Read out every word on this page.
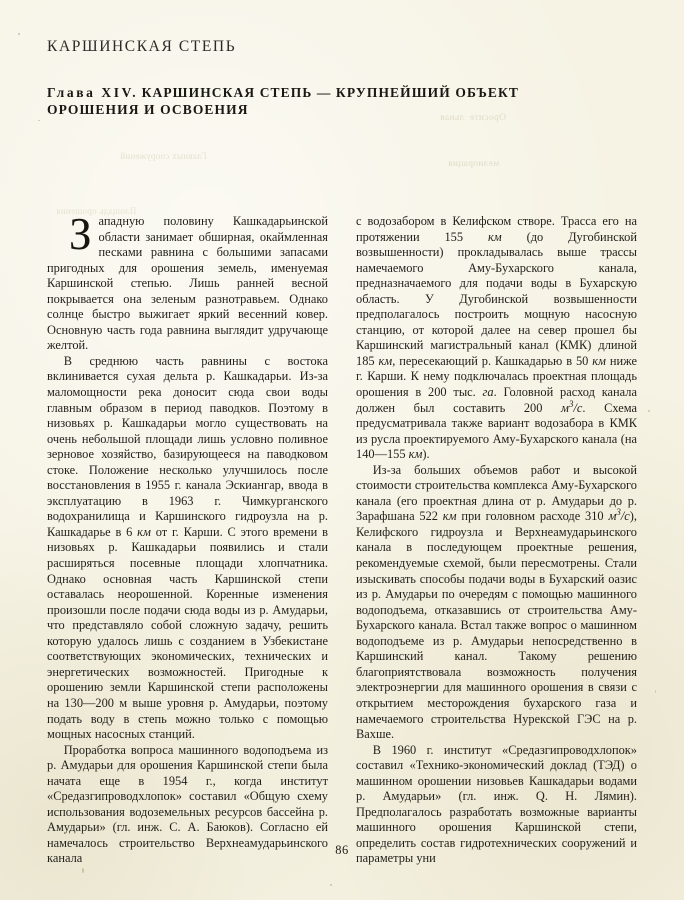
Оросите  льная
мелиорация
Главных сооружений
Площадь орошения
КАРШИНСКАЯ СТЕПЬ
Глава XIV. КАРШИНСКАЯ СТЕПЬ — КРУПНЕЙШИЙ ОБЪЕКТ
ОРОШЕНИЯ И ОСВОЕНИЯ

Западную половину Кашкадарьинской области занимает обширная, окаймленная песками равнина с большими запасами пригодных для орошения земель, именуемая Каршинской степью. Лишь ранней весной покрывается она зеленым разнотравьем. Однако солнце быстро выжигает яркий весенний ковер. Основную часть года равнина выглядит удручающе желтой.

В среднюю часть равнины с востока вклинивается сухая дельта р. Кашкадарьи. Из-за маломощности река доносит сюда свои воды главным образом в период паводков. Поэтому в низовьях р. Кашкадарьи могло существовать на очень небольшой площади лишь условно поливное зерновое хозяйство, базирующееся на паводковом стоке. Положение несколько улучшилось после восстановления в 1955 г. канала Эскиангар, ввода в эксплуатацию в 1963 г. Чимкурганского водохранилища и Каршинского гидроузла на р. Кашкадарье в 6 км от г. Карши. С этого времени в низовьях р. Кашкадарьи появились и стали расширяться посевные площади хлопчатника. Однако основная часть Каршинской степи оставалась неорошенной. Коренные изменения произошли после подачи сюда воды из р. Амударьи, что представляло собой сложную задачу, решить которую удалось лишь с созданием в Узбекистане соответствующих экономических, технических и энергетических возможностей. Пригодные к орошению земли Каршинской степи расположены на 130—200 м выше уровня р. Амударьи, поэтому подать воду в степь можно только с помощью мощных насосных станций.

Проработка вопроса машинного водоподъема из р. Амударьи для орошения Каршинской степи была начата еще в 1954 г., когда институт «Средазгипроводхлопок» составил «Общую схему использования водоземельных ресурсов бассейна р. Амударьи» (гл. инж. С. А. Баюков). Согласно ей намечалось строительство Верхнеамударьинского канала

с водозабором в Келифском створе. Трасса его на протяжении 155 км (до Дугобинской возвышенности) прокладывалась выше трассы намечаемого Аму-Бухарского канала, предназначаемого для подачи воды в Бухарскую область. У Дугобинской возвышенности предполагалось построить мощную насосную станцию, от которой далее на север прошел бы Каршинский магистральный канал (КМК) длиной 185 км, пересекающий р. Кашкадарью в 50 км ниже г. Карши. К нему подключалась проектная площадь орошения в 200 тыс. га. Головной расход канала должен был составить 200 $м^3/с$. Схема предусматривала также вариант водозабора в КМК из русла проектируемого Аму-Бухарского канала (на 140—155 км).

Из-за больших объемов работ и высокой стоимости строительства комплекса Аму-Бухарского канала (его проектная длина от р. Амударьи до р. Зарафшана 522 км при головном расходе 310 $м^3/с$), Келифского гидроузла и Верхнеамударьинского канала в последующем проектные решения, рекомендуемые схемой, были пересмотрены. Стали изыскивать способы подачи воды в Бухарский оазис из р. Амударьи по очередям с помощью машинного водоподъема, отказавшись от строительства Аму-Бухарского канала. Встал также вопрос о машинном водоподъеме из р. Амударьи непосредственно в Каршинский канал. Такому решению благоприятствовала возможность получения электроэнергии для машинного орошения в связи с открытием месторождения бухарского газа и намечаемого строительства Нурекской ГЭС на р. Вахше.

В 1960 г. институт «Средазгипроводхлопок» составил «Технико-экономический доклад (ТЭД) о машинном орошении низовьев Кашкадарьи водами р. Амударьи» (гл. инж. Q. Н. Лямин). Предполагалось разработать возможные варианты машинного орошения Каршинской степи, определить состав гидротехнических сооружений и параметры уни

86
